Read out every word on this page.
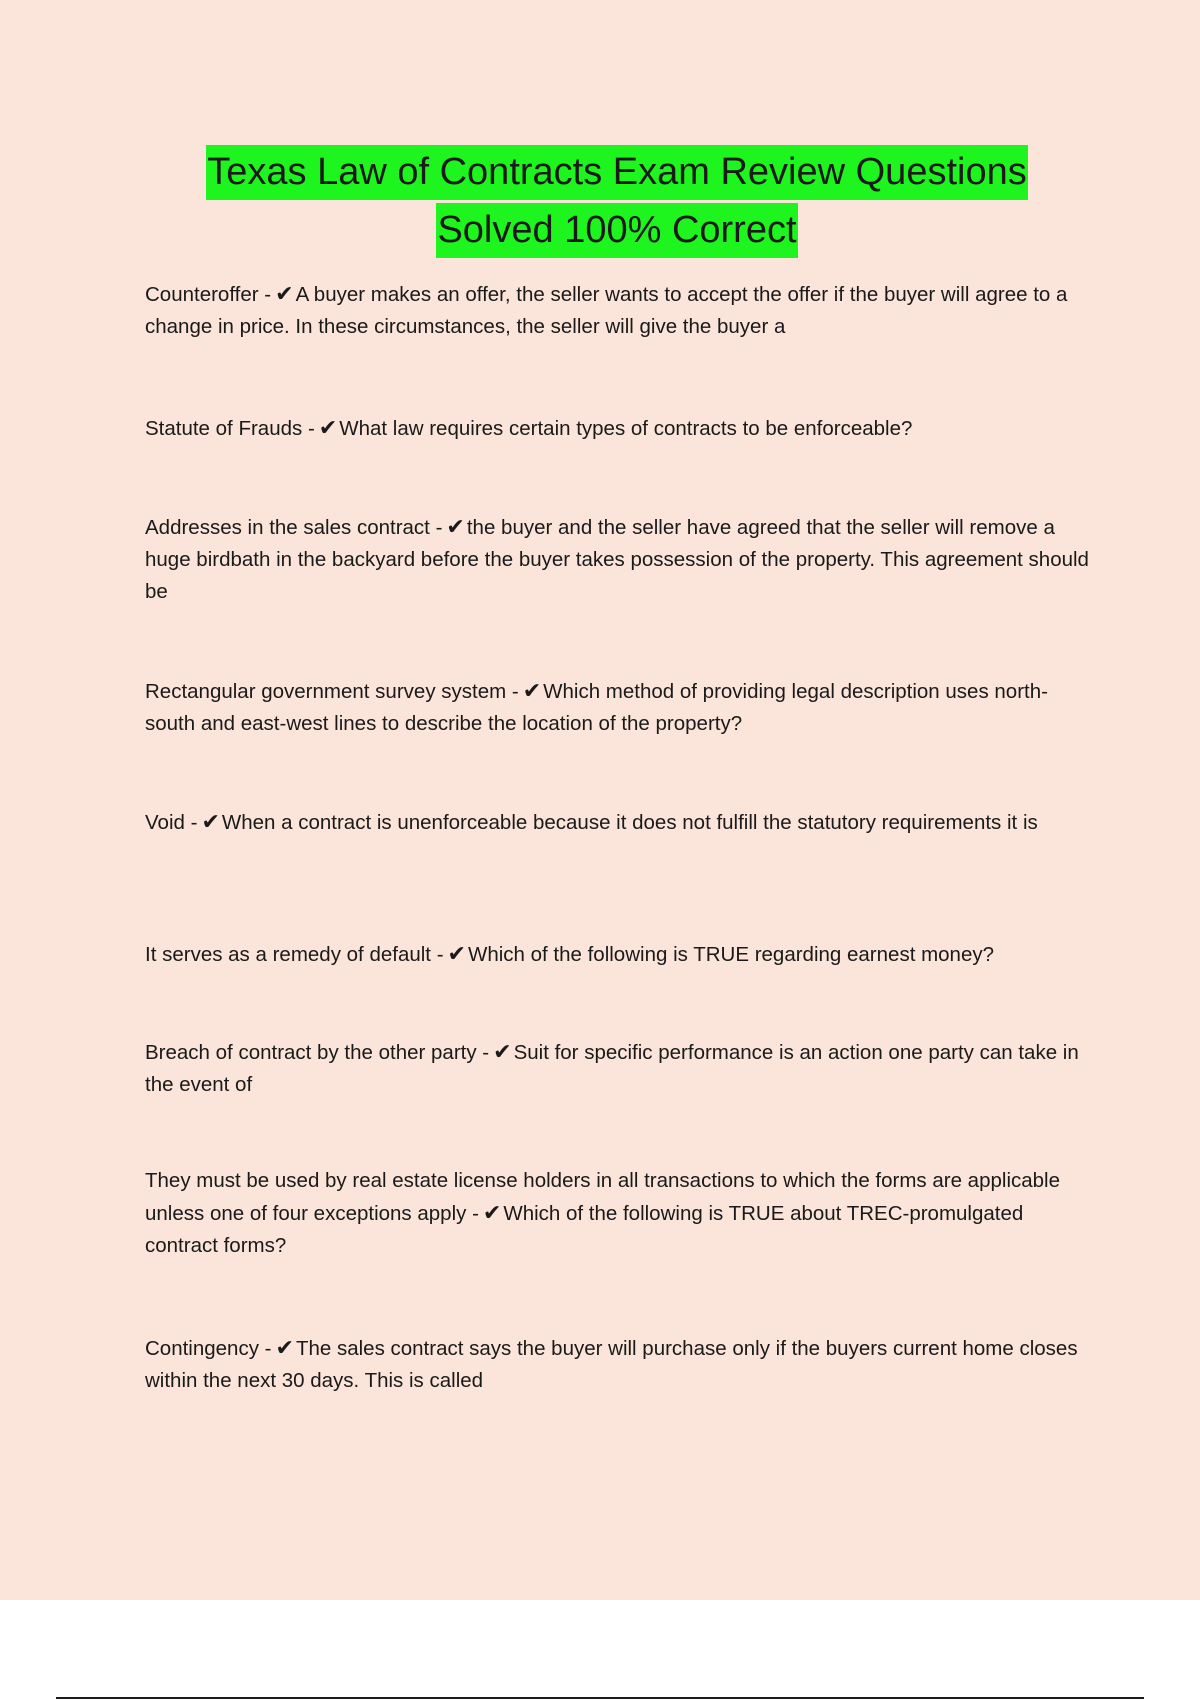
Texas Law of Contracts Exam Review Questions
Solved 100% Correct

Counteroffer - ✔A buyer makes an offer, the seller wants to accept the offer if the buyer will agree to a change in price. In these circumstances, the seller will give the buyer a

Statute of Frauds - ✔What law requires certain types of contracts to be enforceable?

Addresses in the sales contract - ✔the buyer and the seller have agreed that the seller will remove a huge birdbath in the backyard before the buyer takes possession of the property. This agreement should be

Rectangular government survey system - ✔Which method of providing legal description uses north-south and east-west lines to describe the location of the property?

Void - ✔When a contract is unenforceable because it does not fulfill the statutory requirements it is

It serves as a remedy of default - ✔Which of the following is TRUE regarding earnest money?

Breach of contract by the other party - ✔Suit for specific performance is an action one party can take in the event of

They must be used by real estate license holders in all transactions to which the forms are applicable unless one of four exceptions apply - ✔Which of the following is TRUE about TREC-promulgated contract forms?

Contingency - ✔The sales contract says the buyer will purchase only if the buyers current home closes within the next 30 days. This is called
